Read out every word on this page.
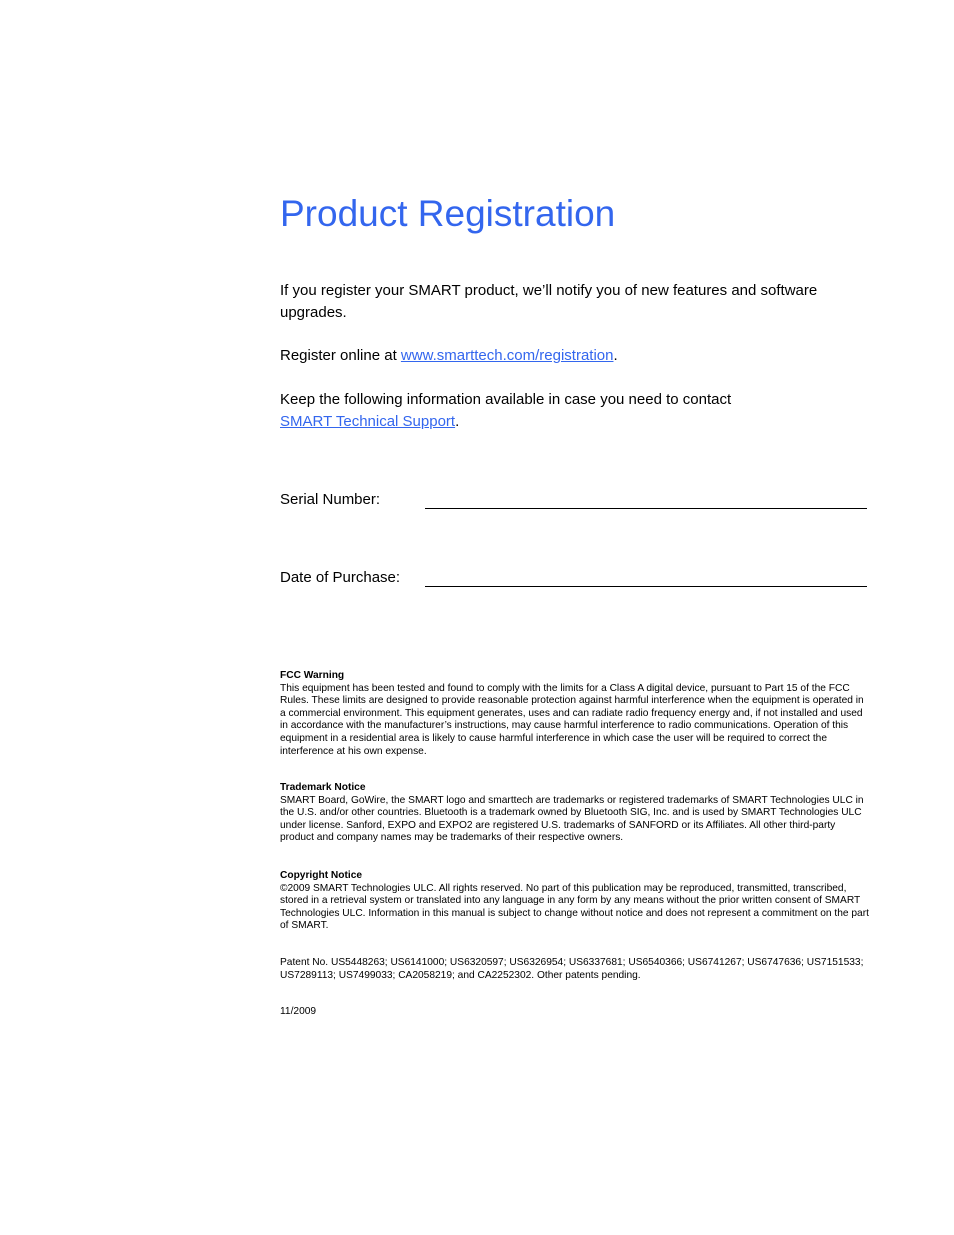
Product Registration

If you register your SMART product, we’ll notify you of new features and software upgrades.

Register online at www.smarttech.com/registration.

Keep the following information available in case you need to contact
SMART Technical Support.

Serial Number:
Date of Purchase:
FCC Warning
This equipment has been tested and found to comply with the limits for a Class A digital device, pursuant to Part 15 of the FCC Rules. These limits are designed to provide reasonable protection against harmful interference when the equipment is operated in a commercial environment. This equipment generates, uses and can radiate radio frequency energy and, if not installed and used in accordance with the manufacturer’s instructions, may cause harmful interference to radio communications. Operation of this equipment in a residential area is likely to cause harmful interference in which case the user will be required to correct the interference at his own expense.
Trademark Notice
SMART Board, GoWire, the SMART logo and smarttech are trademarks or registered trademarks of SMART Technologies ULC in the U.S. and/or other countries. Bluetooth is a trademark owned by Bluetooth SIG, Inc. and is used by SMART Technologies ULC under license. Sanford, EXPO and EXPO2 are registered U.S. trademarks of SANFORD or its Affiliates. All other third-party product and company names may be trademarks of their respective owners.
Copyright Notice
©2009 SMART Technologies ULC. All rights reserved. No part of this publication may be reproduced, transmitted, transcribed, stored in a retrieval system or translated into any language in any form by any means without the prior written consent of SMART Technologies ULC. Information in this manual is subject to change without notice and does not represent a commitment on the part of SMART.

Patent No. US5448263; US6141000; US6320597; US6326954; US6337681; US6540366; US6741267; US6747636; US7151533; US7289113; US7499033; CA2058219; and CA2252302. Other patents pending.

11/2009
